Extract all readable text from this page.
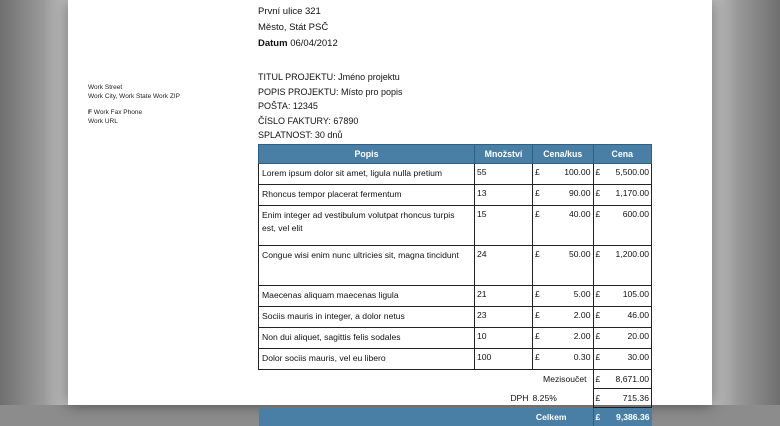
První ulice 321
Město, Stát PSČ
Datum 06/04/2012
Work Street
Work City, Work State Work ZIP
F Work Fax Phone
Work URL
TITUL PROJEKTU: Jméno projektu
POPIS PROJEKTU: Místo pro popis
POŠTA: 12345
ČÍSLO FAKTURY: 67890
SPLATNOST: 30 dnů
Popis	Množství	Cena/kus		Cena	
Lorem ipsum dolor sit amet, ligula nulla pretium	55	£	100.00	£	5,500.00
Rhoncus tempor placerat fermentum	13	£	90.00	£	1,170.00
Enim integer ad vestibulum volutpat rhoncus turpis est, vel elit	15	£	40.00	£	600.00
Congue wisi enim nunc ultricies sit, magna tincidunt	24	£	50.00	£	1,200.00
Maecenas aliquam maecenas ligula	21	£	5.00	£	105.00
Sociis mauris in integer, a dolor netus	23	£	2.00	£	46.00
Non dui aliquet, sagittis felis sodales	10	£	2.00	£	20.00
Dolor sociis mauris, vel eu libero	100	£	0.30	£	30.00
		Mezisoučet		£	8,671.00
	DPH	8.25%		£	715.36
Celkem				£	9,386.36
